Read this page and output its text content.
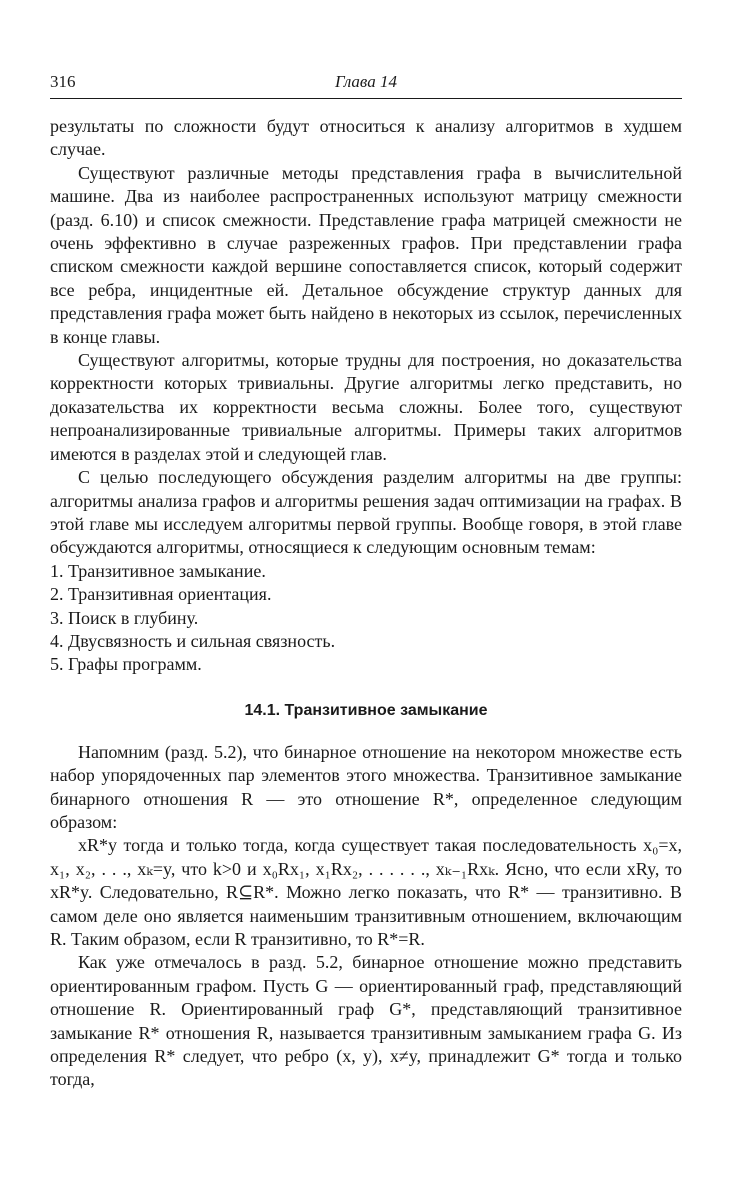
316	Глава 14

результаты по сложности будут относиться к анализу алгоритмов в худшем случае.

Существуют различные методы представления графа в вычислительной машине. Два из наиболее распространенных используют матрицу смежности (разд. 6.10) и список смежности. Представление графа матрицей смежности не очень эффективно в случае разреженных графов. При представлении графа списком смежности каждой вершине сопоставляется список, который содержит все ребра, инцидентные ей. Детальное обсуждение структур данных для представления графа может быть найдено в некоторых из ссылок, перечисленных в конце главы.

Существуют алгоритмы, которые трудны для построения, но доказательства корректности которых тривиальны. Другие алгоритмы легко представить, но доказательства их корректности весьма сложны. Более того, существуют непроанализированные тривиальные алгоритмы. Примеры таких алгоритмов имеются в разделах этой и следующей глав.

С целью последующего обсуждения разделим алгоритмы на две группы: алгоритмы анализа графов и алгоритмы решения задач оптимизации на графах. В этой главе мы исследуем алгоритмы первой группы. Вообще говоря, в этой главе обсуждаются алгоритмы, относящиеся к следующим основным темам:

1. Транзитивное замыкание.
2. Транзитивная ориентация.
3. Поиск в глубину.
4. Двусвязность и сильная связность.
5. Графы программ.
14.1. Транзитивное замыкание

Напомним (разд. 5.2), что бинарное отношение на некотором множестве есть набор упорядоченных пар элементов этого множества. Транзитивное замыкание бинарного отношения R — это отношение R*, определенное следующим образом:

xR*y тогда и только тогда, когда существует такая последовательность x₀=x, x₁, x₂, . . ., xₖ=y, что k>0 и x₀Rx₁, x₁Rx₂, . . . . . ., xₖ₋₁Rxₖ. Ясно, что если xRy, то xR*y. Следовательно, R⊆R*. Можно легко показать, что R* — транзитивно. В самом деле оно является наименьшим транзитивным отношением, включающим R. Таким образом, если R транзитивно, то R*=R.

Как уже отмечалось в разд. 5.2, бинарное отношение можно представить ориентированным графом. Пусть G — ориентированный граф, представляющий отношение R. Ориентированный граф G*, представляющий транзитивное замыкание R* отношения R, называется транзитивным замыканием графа G. Из определения R* следует, что ребро (x, y), x≠y, принадлежит G* тогда и только тогда,
